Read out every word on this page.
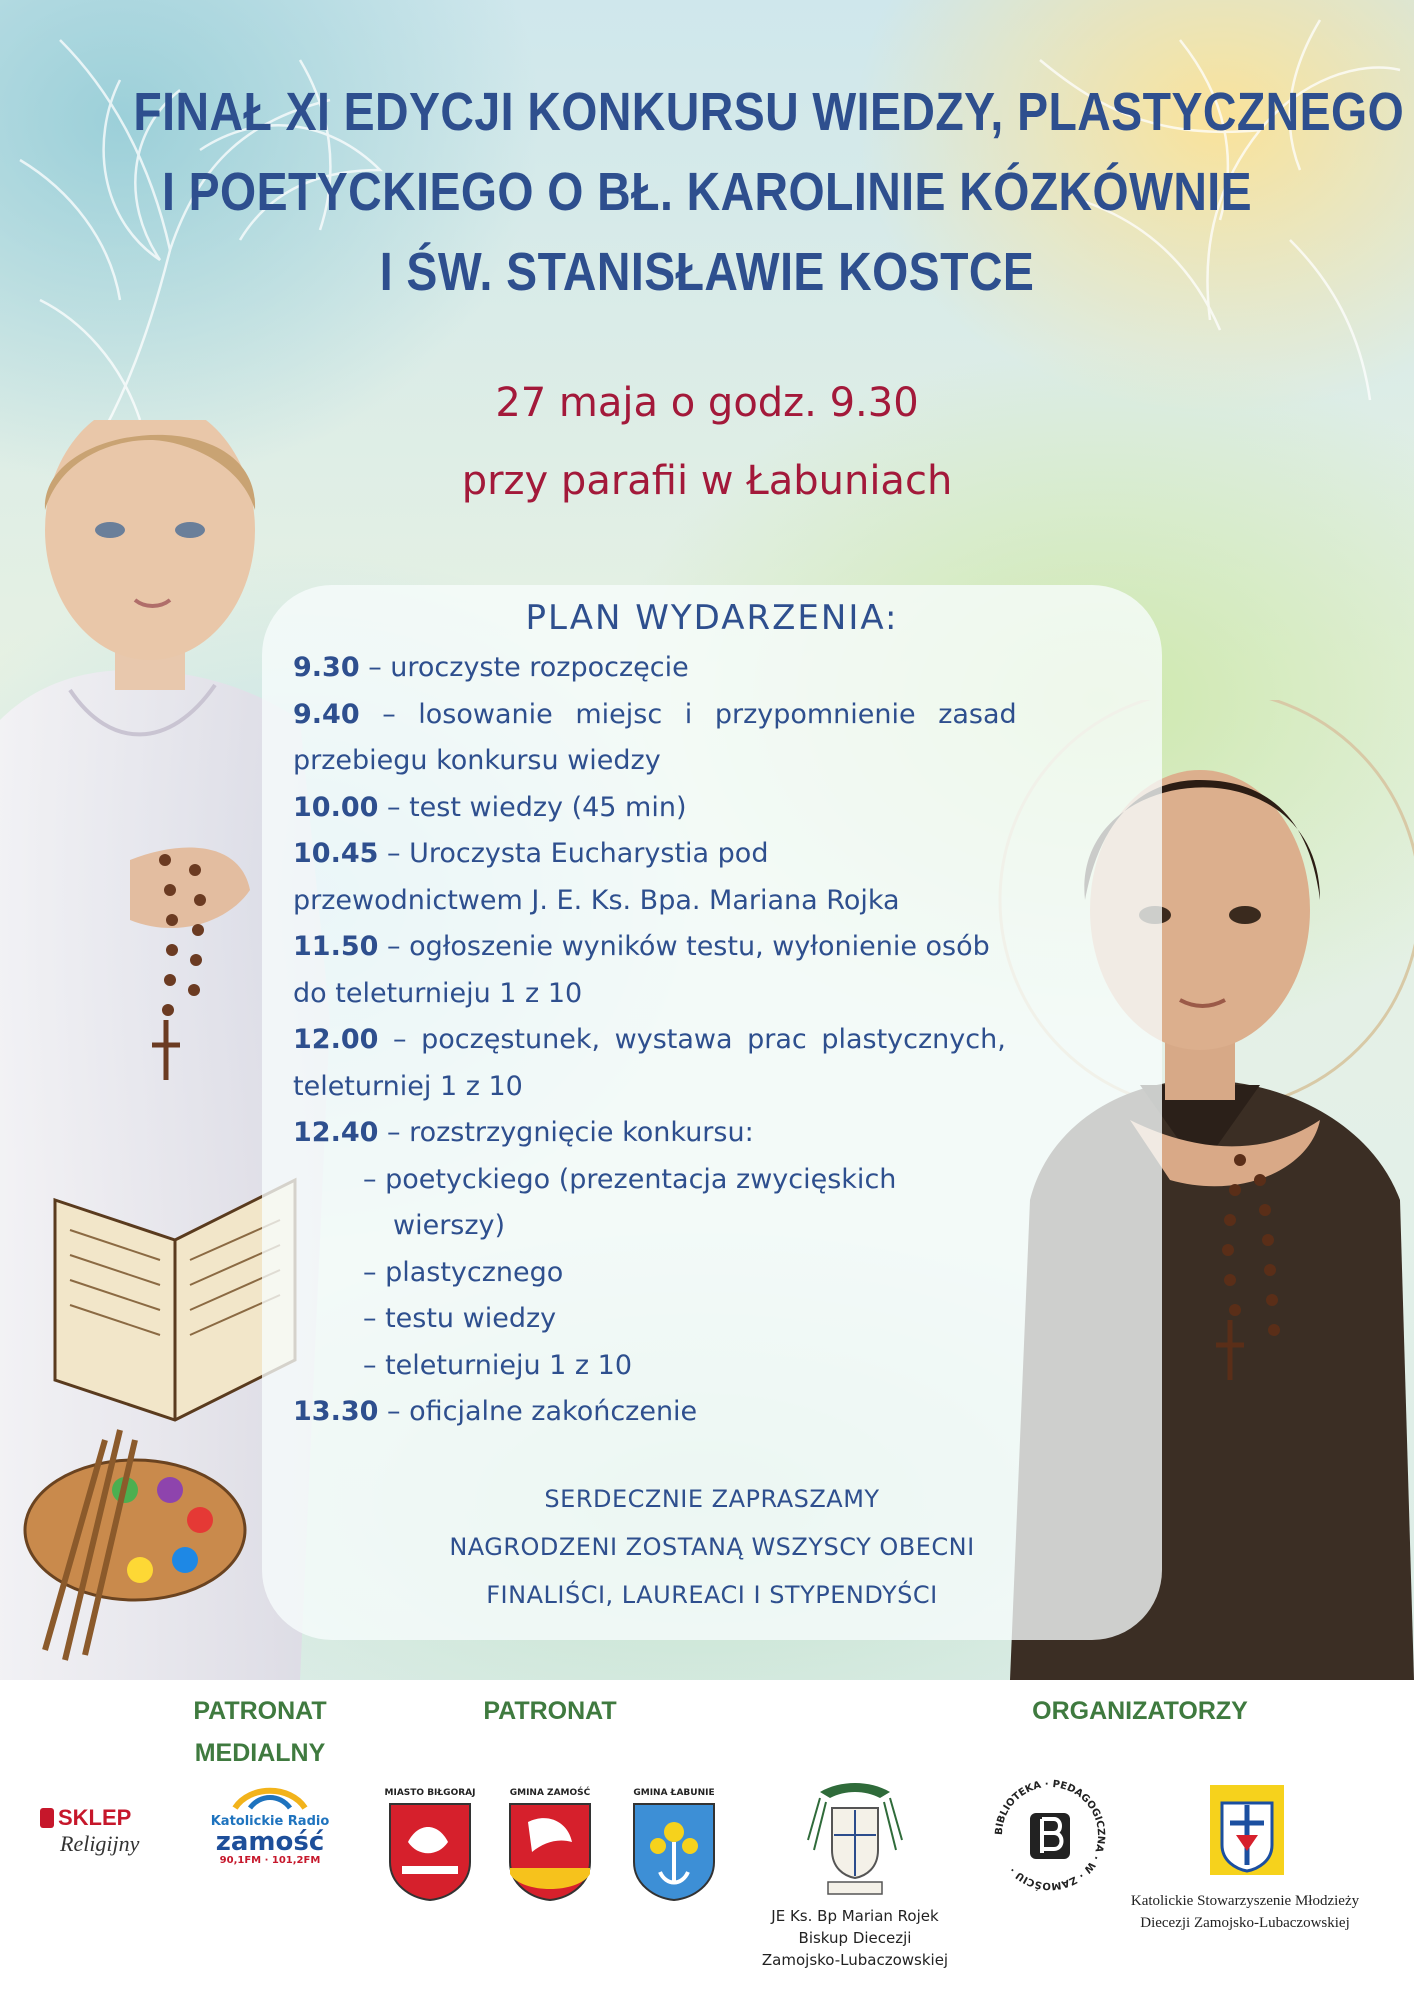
FINAŁ XI EDYCJI KONKURSU WIEDZY, PLASTYCZNEGO
I POETYCKIEGO O BŁ. KAROLINIE KÓZKÓWNIE
I ŚW. STANISŁAWIE KOSTCE
27 maja o godz. 9.30
przy parafii w Łabuniach
PLAN WYDARZENIA:
9.30 – uroczyste rozpoczęcie
9.40 – losowanie miejsc i przypomnienie zasad
przebiegu konkursu wiedzy
10.00 – test wiedzy (45 min)
10.45 – Uroczysta Eucharystia pod
przewodnictwem J. E. Ks. Bpa. Mariana Rojka
11.50 – ogłoszenie wyników testu, wyłonienie osób
do teleturnieju 1 z 10
12.00 – poczęstunek, wystawa prac plastycznych,
teleturniej 1 z 10
12.40 – rozstrzygnięcie konkursu:
– poetyckiego (prezentacja zwycięskich
wierszy)
– plastycznego
– testu wiedzy
– teleturnieju 1 z 10
13.30 – oficjalne zakończenie
SERDECZNIE ZAPRASZAMY
NAGRODZENI ZOSTANĄ WSZYSCY OBECNI
FINALIŚCI, LAUREACI I STYPENDYŚCI
PATRONAT
MEDIALNY
PATRONAT	ORGANIZATORZY
SKLEP
Religijny
Katolickie Radio
zamość
90,1FM · 101,2FM
MIASTO BIŁGORAJ	GMINA ZAMOŚĆ	GMINA ŁABUNIE
JE Ks. Bp Marian Rojek
Biskup Diecezji
Zamojsko-Lubaczowskiej
BIBLIOTEKA · PEDAGOGICZNA · W · ZAMOŚCIU ·
Katolickie Stowarzyszenie Młodzieży
Diecezji Zamojsko-Lubaczowskiej
